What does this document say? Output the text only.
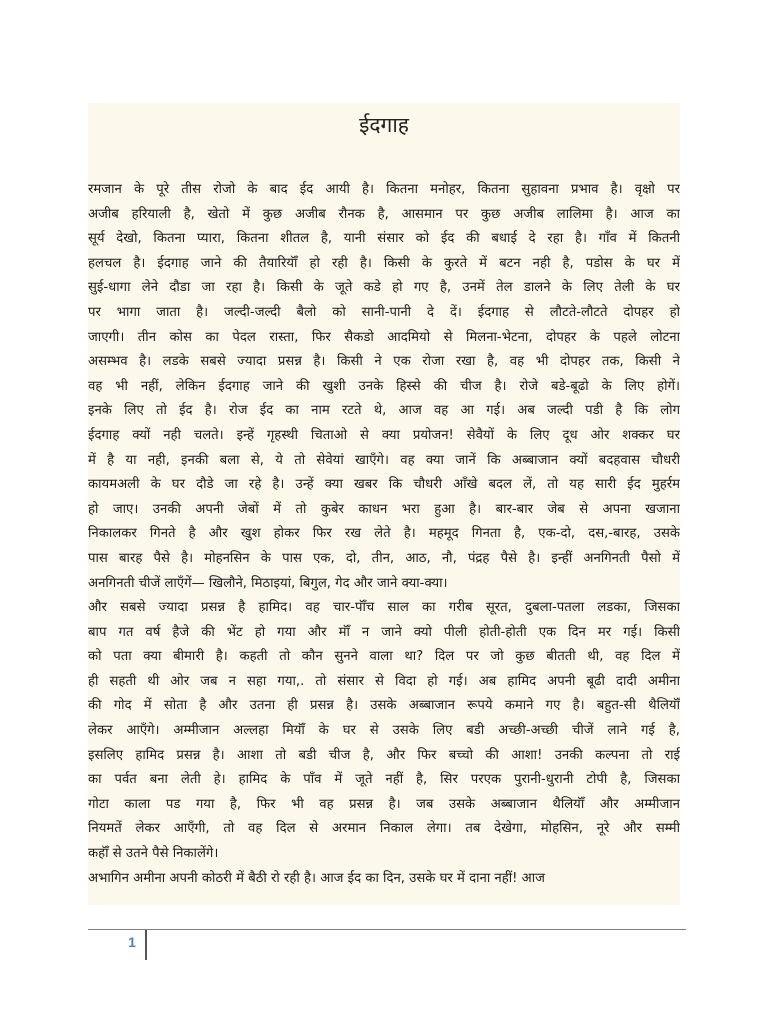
ईदगाह
रमजान के पूरे तीस रोजो के बाद ईद आयी है। कितना मनोहर, कितना सुहावना प्रभाव है। वृक्षो पर
अजीब हरियाली है, खेतो में कुछ अजीब रौनक है, आसमान पर कुछ अजीब लालिमा है। आज का
सूर्य देखो, कितना प्यारा, कितना शीतल है, यानी संसार को ईद की बधाई दे रहा है। गॉंव में कितनी
हलचल है। ईदगाह जाने की तैयारियॉँ हो रही है। किसी के कुरते में बटन नही है, पडोस के घर में
सुई-धागा लेने दौडा जा रहा है। किसी के जूते कडे हो गए है, उनमें तेल डालने के लिए तेली के घर
पर भागा जाता है। जल्दी-जल्दी बैलो को सानी-पानी दे दें। ईदगाह से लौटते-लौटते दोपहर हो
जाएगी। तीन कोस का पेदल रास्ता, फिर सैकडो आदमियो से मिलना-भेटना, दोपहर के पहले लोटना
असम्भव है। लडके सबसे ज्यादा प्रसन्न है। किसी ने एक रोजा रखा है, वह भी दोपहर तक, किसी ने
वह भी नहीं, लेकिन ईदगाह जाने की खुशी उनके हिस्से की चीज है। रोजे बडे-बूढो के लिए होगें।
इनके लिए तो ईद है। रोज ईद का नाम रटते थे, आज वह आ गई। अब जल्दी पडी है कि लोग
ईदगाह क्यों नही चलते। इन्हें गृहस्थी चिताओ से क्या प्रयोजन! सेवैयों के लिए दूध ओर शक्कर घर
में है या नही, इनकी बला से, ये तो सेवेयां खाऍंगे। वह क्या जानें कि अब्बाजान क्यों बदहवास चौधरी
कायमअली के घर दौडे जा रहे है। उन्हें क्या खबर कि चौधरी ऑंखे बदल लें, तो यह सारी ईद मुहर्रम
हो जाए। उनकी अपनी जेबों में तो कुबेर काधन भरा हुआ है। बार-बार जेब से अपना खजाना
निकालकर गिनते है और खुश होकर फिर रख लेते है। महमूद गिनता है, एक-दो, दस,-बारह, उसके
पास बारह पैसे है। मोहनसिन के पास एक, दो, तीन, आठ, नौ, पंद्रह पैसे है। इन्हीं अनगिनती पैसो में
अनगिनती चीजें लाऍंगें— खिलौने, मिठाइयां, बिगुल, गेद और जाने क्या-क्या।
और सबसे ज्यादा प्रसन्न है हामिद। वह चार-पॉँच साल का गरीब सूरत, दुबला-पतला लडका, जिसका
बाप गत वर्ष हैजे की भेंट हो गया और मॉँ न जाने क्यो पीली होती-होती एक दिन मर गई। किसी
को पता क्या बीमारी है। कहती तो कौन सुनने वाला था? दिल पर जो कुछ बीतती थी, वह दिल में
ही सहती थी ओर जब न सहा गया,. तो संसार से विदा हो गई। अब हामिद अपनी बूढी दादी अमीना
की गोद में सोता है और उतना ही प्रसन्न है। उसके अब्बाजान रूपये कमाने गए है। बहुत-सी थैलियॉँ
लेकर आऍंगे। अम्मीजान अल्लहा मियॉँ के घर से उसके लिए बडी अच्छी-अच्छी चीजें लाने गई है,
इसलिए हामिद प्रसन्न है। आशा तो बडी चीज है, और फिर बच्चो की आशा! उनकी कल्पना तो राई
का पर्वत बना लेती हे। हामिद के पॉंव में जूते नहीं है, सिर परएक पुरानी-धुरानी टोपी है, जिसका
गोटा काला पड गया है, फिर भी वह प्रसन्न है। जब उसके अब्बाजान थैलियॉँ और अम्मीजान
नियमतें लेकर आऍंगी, तो वह दिल से अरमान निकाल लेगा। तब देखेगा, मोहसिन, नूरे और सम्मी
कहॉँ से उतने पैसे निकालेंगे।
अभागिन अमीना अपनी कोठरी में बैठी रो रही है। आज ईद का दिन, उसके घर में दाना नहीं! आज
1
